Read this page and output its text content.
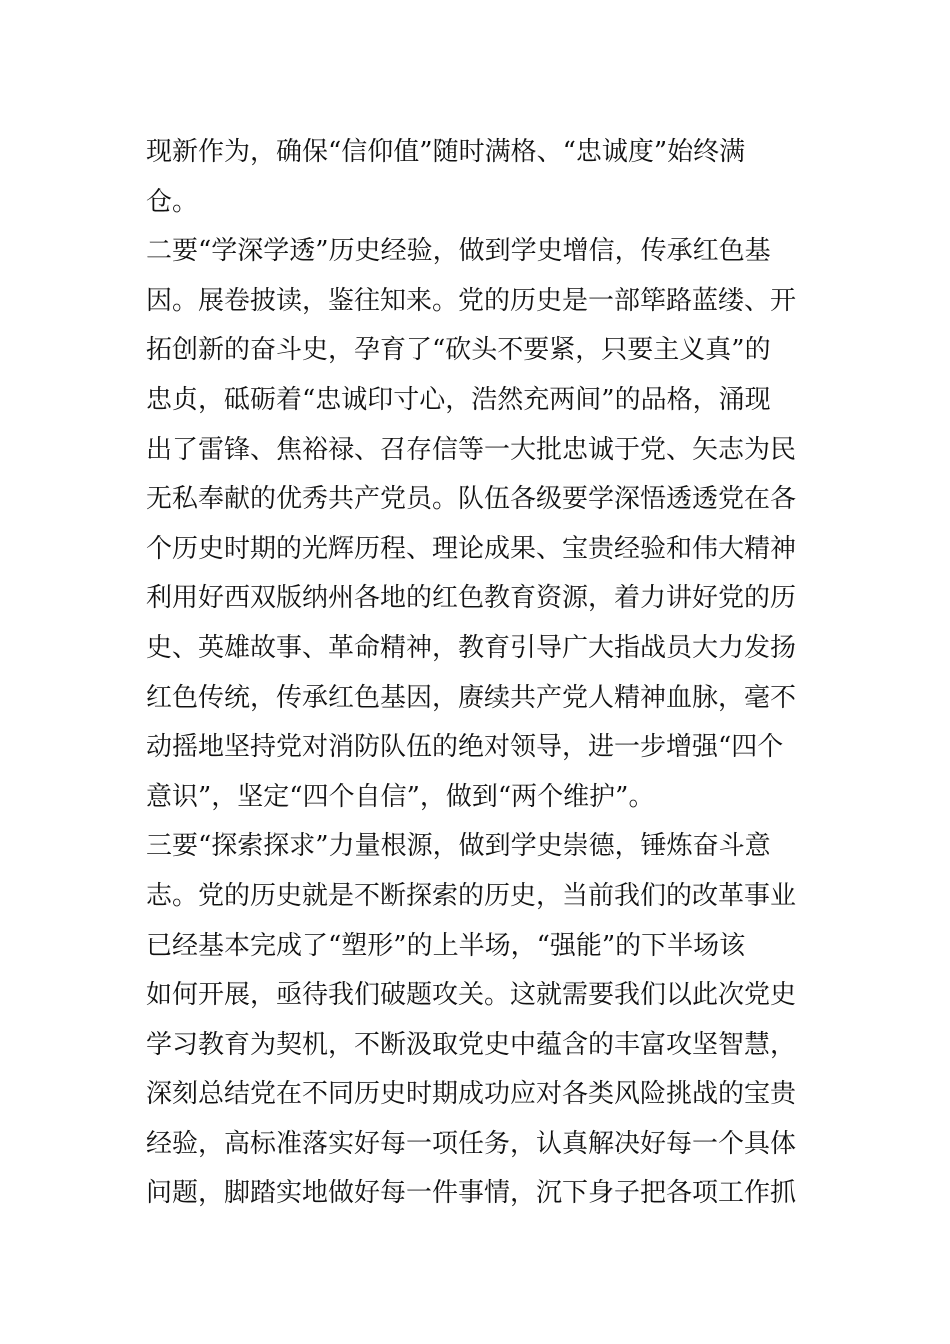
现新作为，确保“信仰值”随时满格、“忠诚度”始终满
仓。
二要“学深学透”历史经验，做到学史增信，传承红色基
因。展卷披读，鉴往知来。党的历史是一部筚路蓝缕、开
拓创新的奋斗史，孕育了“砍头不要紧，只要主义真”的
忠贞，砥砺着“忠诚印寸心，浩然充两间”的品格，涌现
出了雷锋、焦裕禄、召存信等一大批忠诚于党、矢志为民
无私奉献的优秀共产党员。队伍各级要学深悟透透党在各
个历史时期的光辉历程、理论成果、宝贵经验和伟大精神
利用好西双版纳州各地的红色教育资源，着力讲好党的历
史、英雄故事、革命精神，教育引导广大指战员大力发扬
红色传统，传承红色基因，赓续共产党人精神血脉，毫不
动摇地坚持党对消防队伍的绝对领导，进一步增强“四个
意识”，坚定“四个自信”，做到“两个维护”。
三要“探索探求”力量根源，做到学史崇德，锤炼奋斗意
志。党的历史就是不断探索的历史，当前我们的改革事业
已经基本完成了“塑形”的上半场，“强能”的下半场该
如何开展，亟待我们破题攻关。这就需要我们以此次党史
学习教育为契机，不断汲取党史中蕴含的丰富攻坚智慧，
深刻总结党在不同历史时期成功应对各类风险挑战的宝贵
经验，高标准落实好每一项任务，认真解决好每一个具体
问题，脚踏实地做好每一件事情，沉下身子把各项工作抓
